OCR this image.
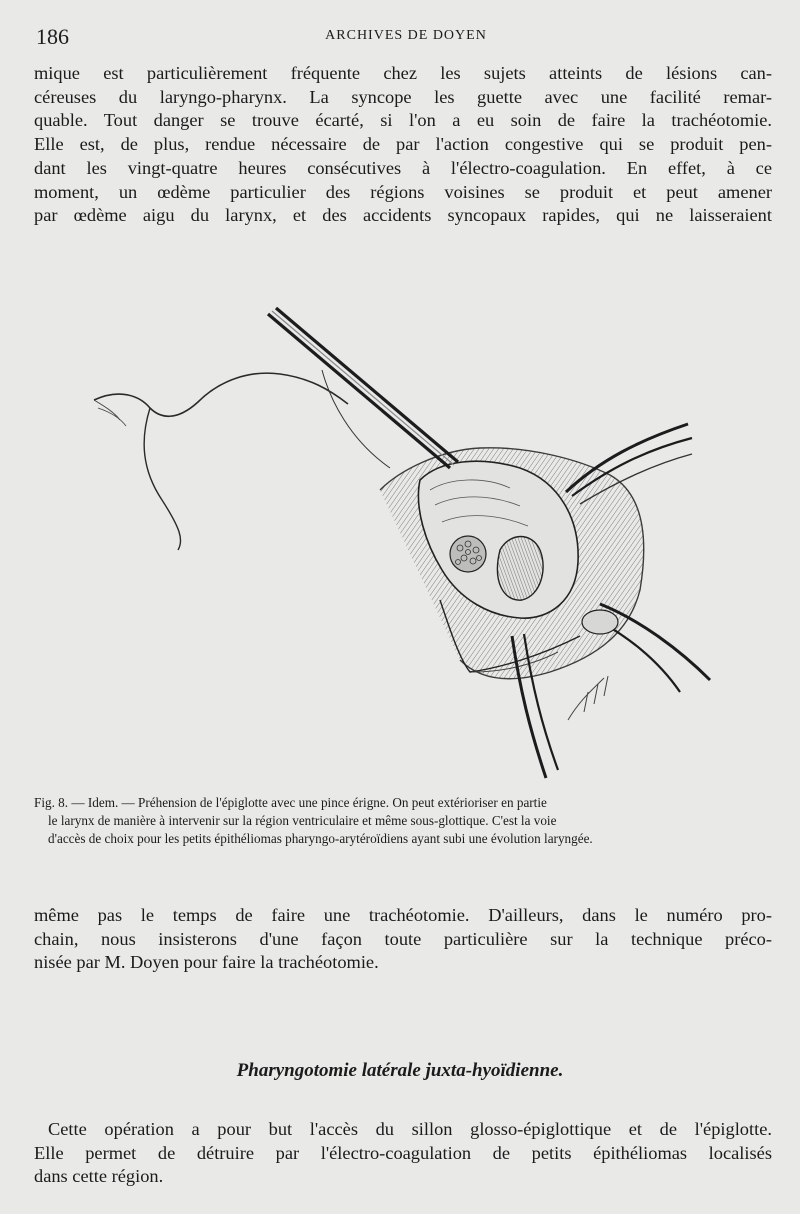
186	ARCHIVES DE DOYEN
mique est particulièrement fréquente chez les sujets atteints de lésions can-
céreuses du laryngo-pharynx. La syncope les guette avec une facilité remar-
quable. Tout danger se trouve écarté, si l'on a eu soin de faire la trachéotomie.
Elle est, de plus, rendue nécessaire de par l'action congestive qui se produit pen-
dant les vingt-quatre heures consécutives à l'électro-coagulation. En effet, à ce
moment, un œdème particulier des régions voisines se produit et peut amener
par œdème aigu du larynx, et des accidents syncopaux rapides, qui ne laisseraient
Fig. 8. — Idem. — Préhension de l'épiglotte avec une pince érigne. On peut extérioriser en partie
le larynx de manière à intervenir sur la région ventriculaire et même sous-glottique. C'est la voie
d'accès de choix pour les petits épithéliomas pharyngo-arytéroïdiens ayant subi une évolution laryngée.
même pas le temps de faire une trachéotomie. D'ailleurs, dans le numéro pro-
chain, nous insisterons d'une façon toute particulière sur la technique préco-
nisée par M. Doyen pour faire la trachéotomie.
Pharyngotomie latérale juxta-hyoïdienne.
Cette opération a pour but l'accès du sillon glosso-épiglottique et de l'épiglotte.
Elle permet de détruire par l'électro-coagulation de petits épithéliomas localisés
dans cette région.
